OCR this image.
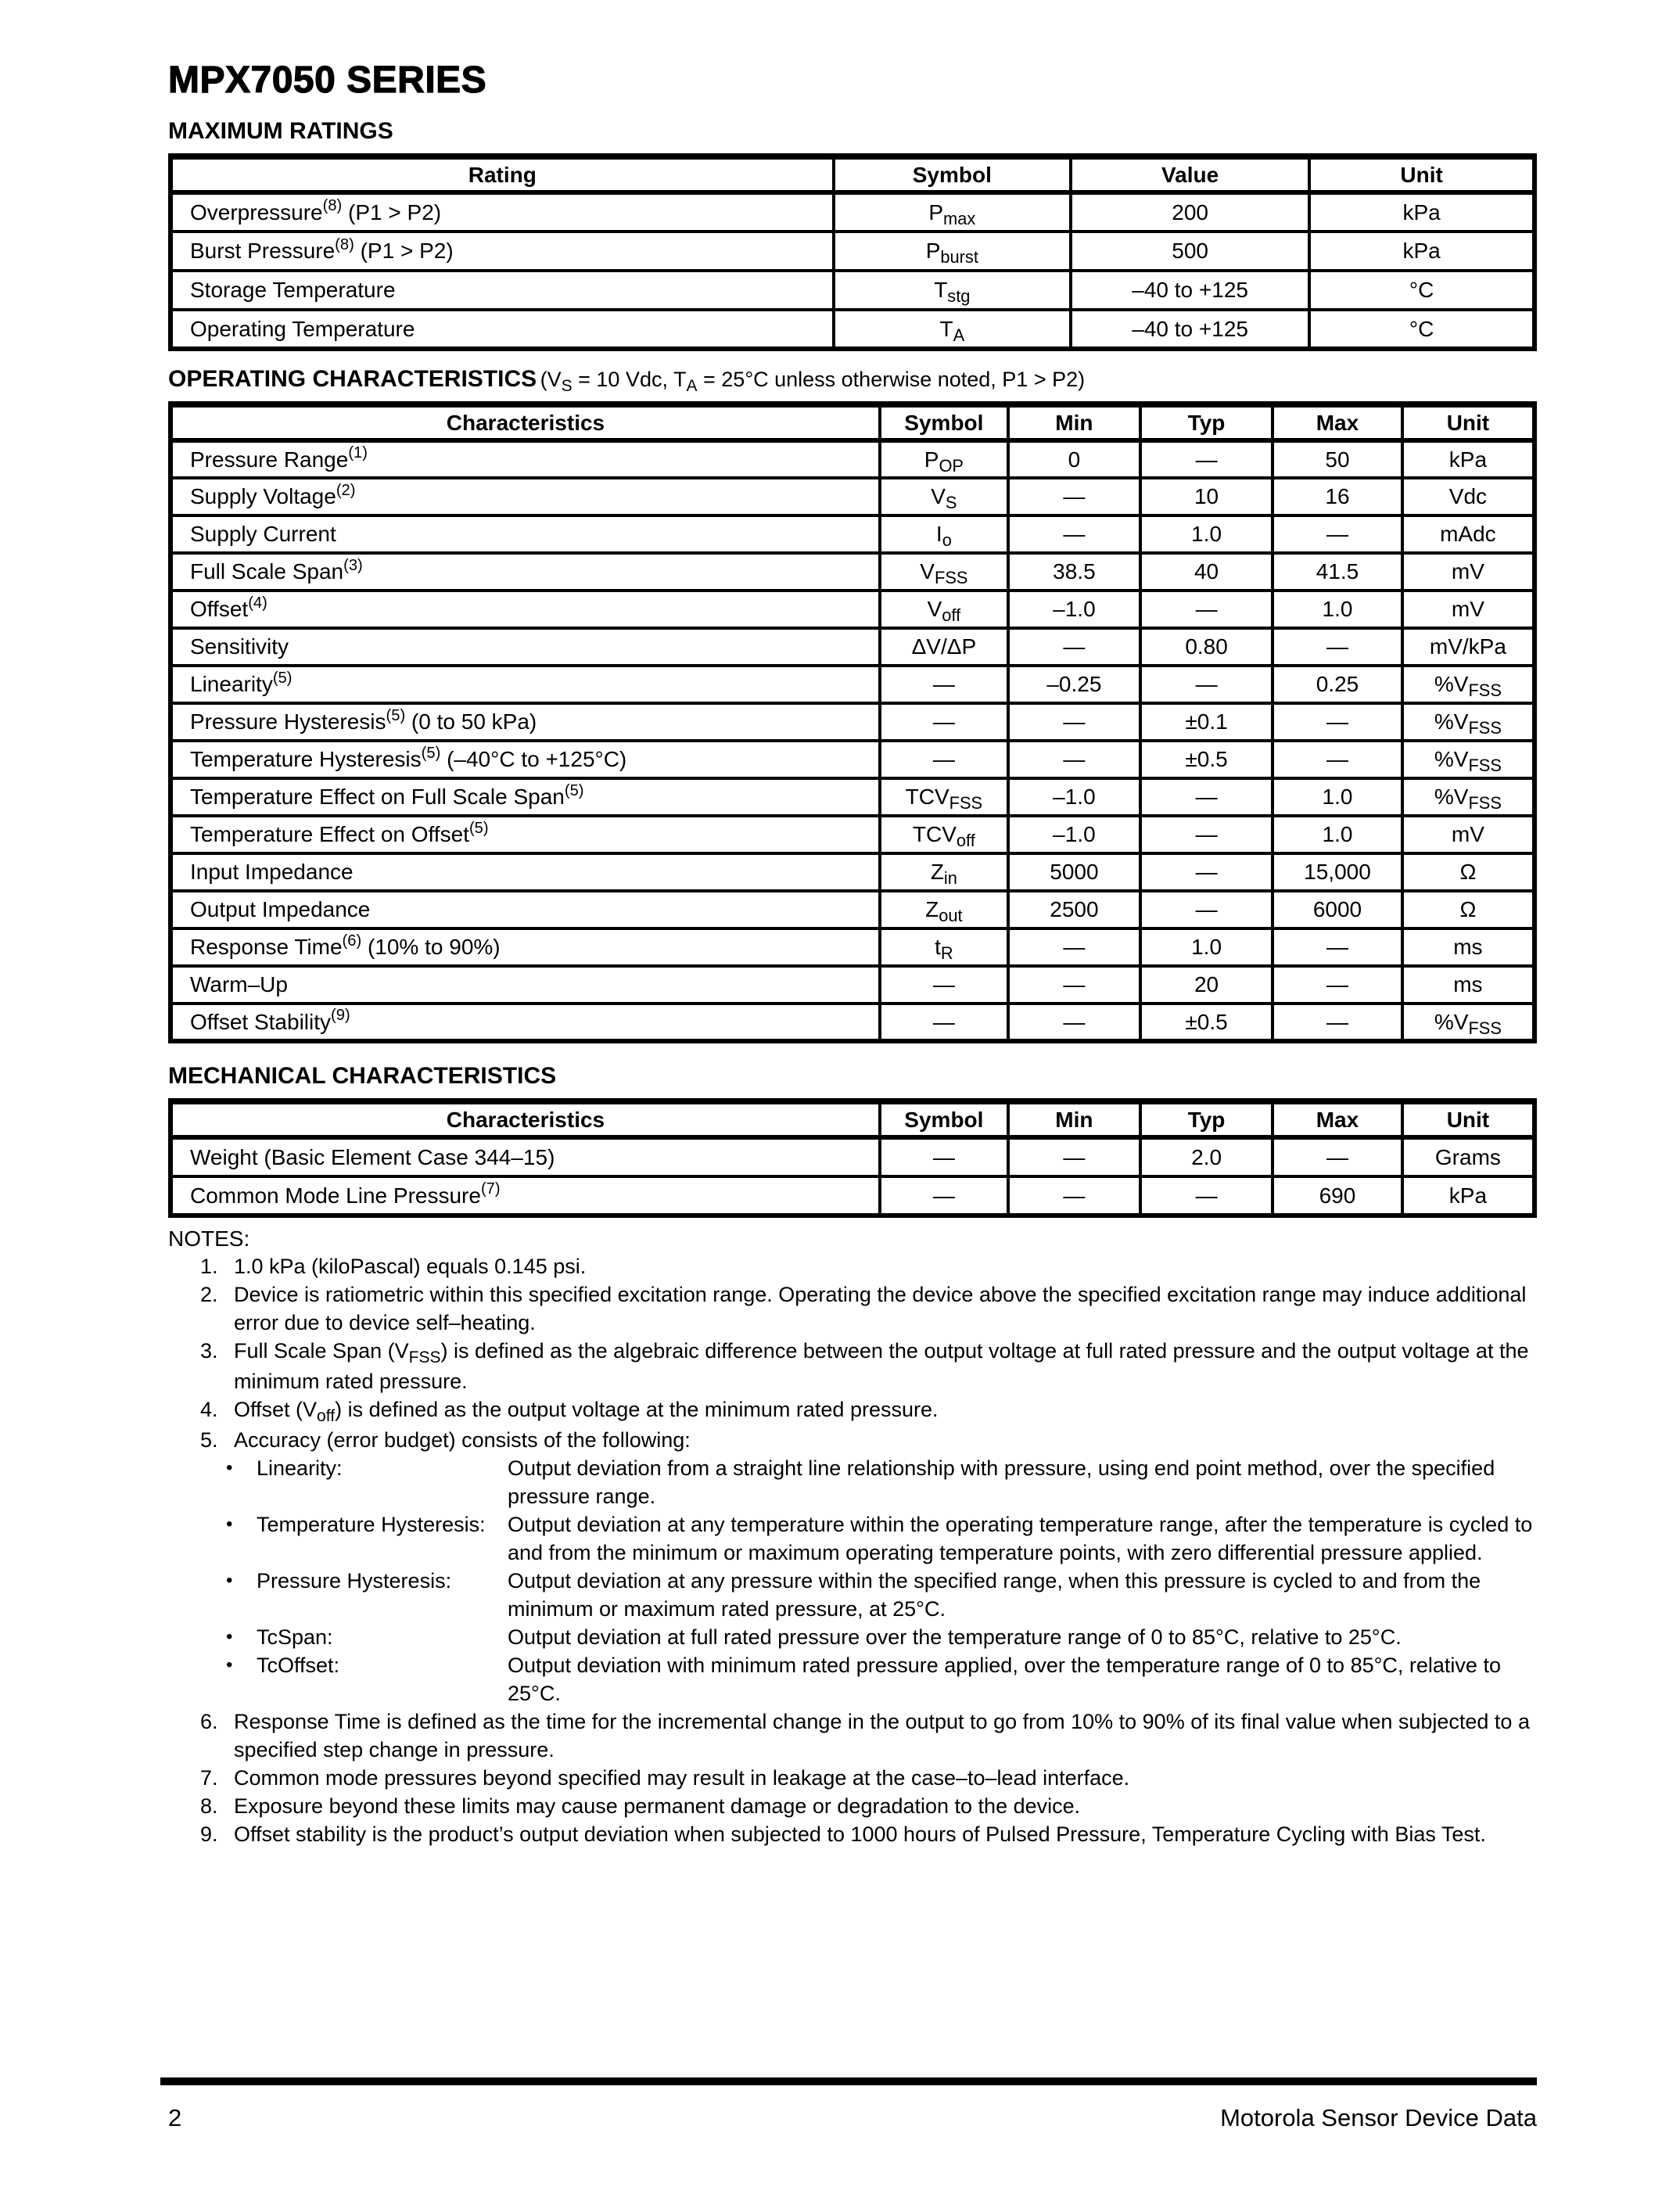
MPX7050 SERIES
MAXIMUM RATINGS
Rating	Symbol	Value	Unit
Overpressure$^{(8)}$ (P1 > P2)	$P_{max}$	200	kPa
Burst Pressure$^{(8)}$ (P1 > P2)	$P_{burst}$	500	kPa
Storage Temperature	$T_{stg}$	–40 to +125	°C
Operating Temperature	$T_A$	–40 to +125	°C
OPERATING CHARACTERISTICS ($V_S = 10$ Vdc, $T_A = 25^\circ C$ unless otherwise noted, P1 > P2)
Characteristics	Symbol	Min	Typ	Max	Unit
Pressure Range$^{(1)}$	$P_{OP}$	0	—	50	kPa
Supply Voltage$^{(2)}$	$V_S$	—	10	16	Vdc
Supply Current	$I_o$	—	1.0	—	mAdc
Full Scale Span$^{(3)}$	$V_{FSS}$	38.5	40	41.5	mV
Offset$^{(4)}$	$V_{off}$	–1.0	—	1.0	mV
Sensitivity	ΔV/ΔP	—	0.80	—	mV/kPa
Linearity$^{(5)}$	—	–0.25	—	0.25	$\%V_{FSS}$
Pressure Hysteresis$^{(5)}$ (0 to 50 kPa)	—	—	±0.1	—	$\%V_{FSS}$
Temperature Hysteresis$^{(5)}$ (–40°C to +125°C)	—	—	±0.5	—	$\%V_{FSS}$
Temperature Effect on Full Scale Span$^{(5)}$	$TCV_{FSS}$	–1.0	—	1.0	$\%V_{FSS}$
Temperature Effect on Offset$^{(5)}$	$TCV_{off}$	–1.0	—	1.0	mV
Input Impedance	$Z_{in}$	5000	—	15,000	Ω
Output Impedance	$Z_{out}$	2500	—	6000	Ω
Response Time$^{(6)}$ (10% to 90%)	$t_R$	—	1.0	—	ms
Warm–Up	—	—	20	—	ms
Offset Stability$^{(9)}$	—	—	±0.5	—	$\%V_{FSS}$
MECHANICAL CHARACTERISTICS
Characteristics	Symbol	Min	Typ	Max	Unit
Weight (Basic Element Case 344–15)	—	—	2.0	—	Grams
Common Mode Line Pressure$^{(7)}$	—	—	—	690	kPa
NOTES:
1. 1.0 kPa (kiloPascal) equals 0.145 psi.
2. Device is ratiometric within this specified excitation range. Operating the device above the specified excitation range may induce additional error due to device self–heating.
3. Full Scale Span $(V_{FSS})$ is defined as the algebraic difference between the output voltage at full rated pressure and the output voltage at the minimum rated pressure.
4. Offset $(V_{off})$ is defined as the output voltage at the minimum rated pressure.
5. Accuracy (error budget) consists of the following:
•	Linearity:	Output deviation from a straight line relationship with pressure, using end point method, over the specified pressure range.
•	Temperature Hysteresis:	Output deviation at any temperature within the operating temperature range, after the temperature is cycled to and from the minimum or maximum operating temperature points, with zero differential pressure applied.
•	Pressure Hysteresis:	Output deviation at any pressure within the specified range, when this pressure is cycled to and from the minimum or maximum rated pressure, at 25°C.
•	TcSpan:	Output deviation at full rated pressure over the temperature range of 0 to 85°C, relative to 25°C.
•	TcOffset:	Output deviation with minimum rated pressure applied, over the temperature range of 0 to 85°C, relative to 25°C.
6. Response Time is defined as the time for the incremental change in the output to go from 10% to 90% of its final value when subjected to a specified step change in pressure.
7. Common mode pressures beyond specified may result in leakage at the case–to–lead interface.
8. Exposure beyond these limits may cause permanent damage or degradation to the device.
9. Offset stability is the product’s output deviation when subjected to 1000 hours of Pulsed Pressure, Temperature Cycling with Bias Test.
2	Motorola Sensor Device Data
